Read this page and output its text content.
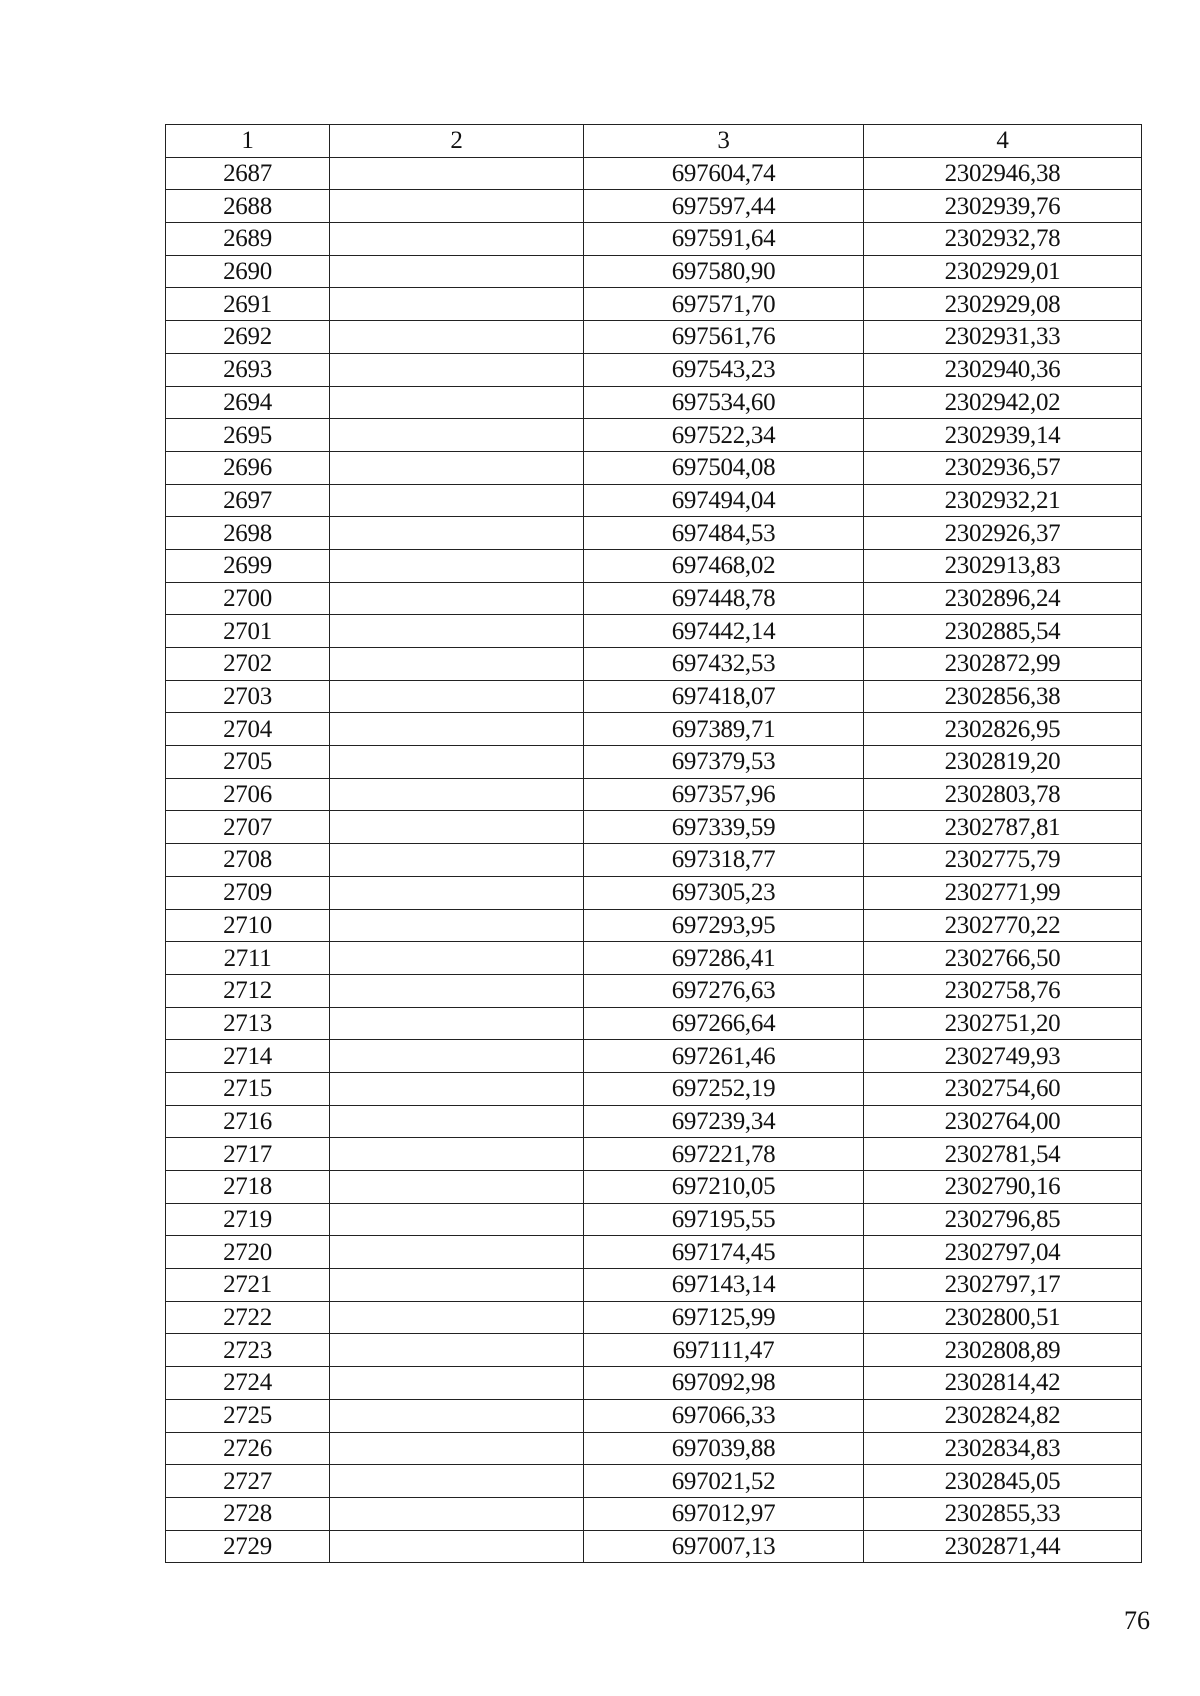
1	2	3	4
2687		697604,74	2302946,38
2688		697597,44	2302939,76
2689		697591,64	2302932,78
2690		697580,90	2302929,01
2691		697571,70	2302929,08
2692		697561,76	2302931,33
2693		697543,23	2302940,36
2694		697534,60	2302942,02
2695		697522,34	2302939,14
2696		697504,08	2302936,57
2697		697494,04	2302932,21
2698		697484,53	2302926,37
2699		697468,02	2302913,83
2700		697448,78	2302896,24
2701		697442,14	2302885,54
2702		697432,53	2302872,99
2703		697418,07	2302856,38
2704		697389,71	2302826,95
2705		697379,53	2302819,20
2706		697357,96	2302803,78
2707		697339,59	2302787,81
2708		697318,77	2302775,79
2709		697305,23	2302771,99
2710		697293,95	2302770,22
2711		697286,41	2302766,50
2712		697276,63	2302758,76
2713		697266,64	2302751,20
2714		697261,46	2302749,93
2715		697252,19	2302754,60
2716		697239,34	2302764,00
2717		697221,78	2302781,54
2718		697210,05	2302790,16
2719		697195,55	2302796,85
2720		697174,45	2302797,04
2721		697143,14	2302797,17
2722		697125,99	2302800,51
2723		697111,47	2302808,89
2724		697092,98	2302814,42
2725		697066,33	2302824,82
2726		697039,88	2302834,83
2727		697021,52	2302845,05
2728		697012,97	2302855,33
2729		697007,13	2302871,44
76
